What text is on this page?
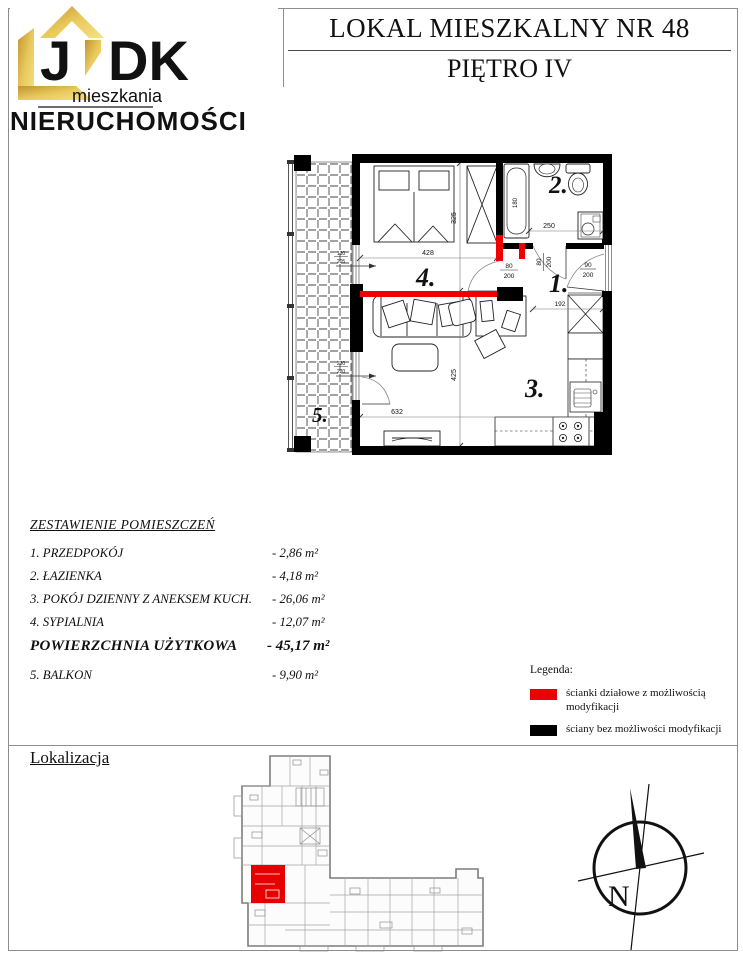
J DK
mieszkania
NIERUCHOMOŚCI
LOKAL MIESZKALNY NR 48
PIĘTRO IV
5.
428
632
250
192
325
425
180
80
200
80 200	90
200
130
205
230
220
1.
2.
3.
4.
ZESTAWIENIE POMIESZCZEŃ
1. PRZEDPOKÓJ	- 2,86 m²
2. ŁAZIENKA	- 4,18 m²
3. POKÓJ DZIENNY Z ANEKSEM KUCH.	- 26,06 m²
4. SYPIALNIA	- 12,07 m²
POWIERZCHNIA UŻYTKOWA	- 45,17 m²
5. BALKON	- 9,90 m²	Legenda:
ścianki działowe z możliwością modyfikacji
ściany bez możliwości modyfikacji
Lokalizacja
N
